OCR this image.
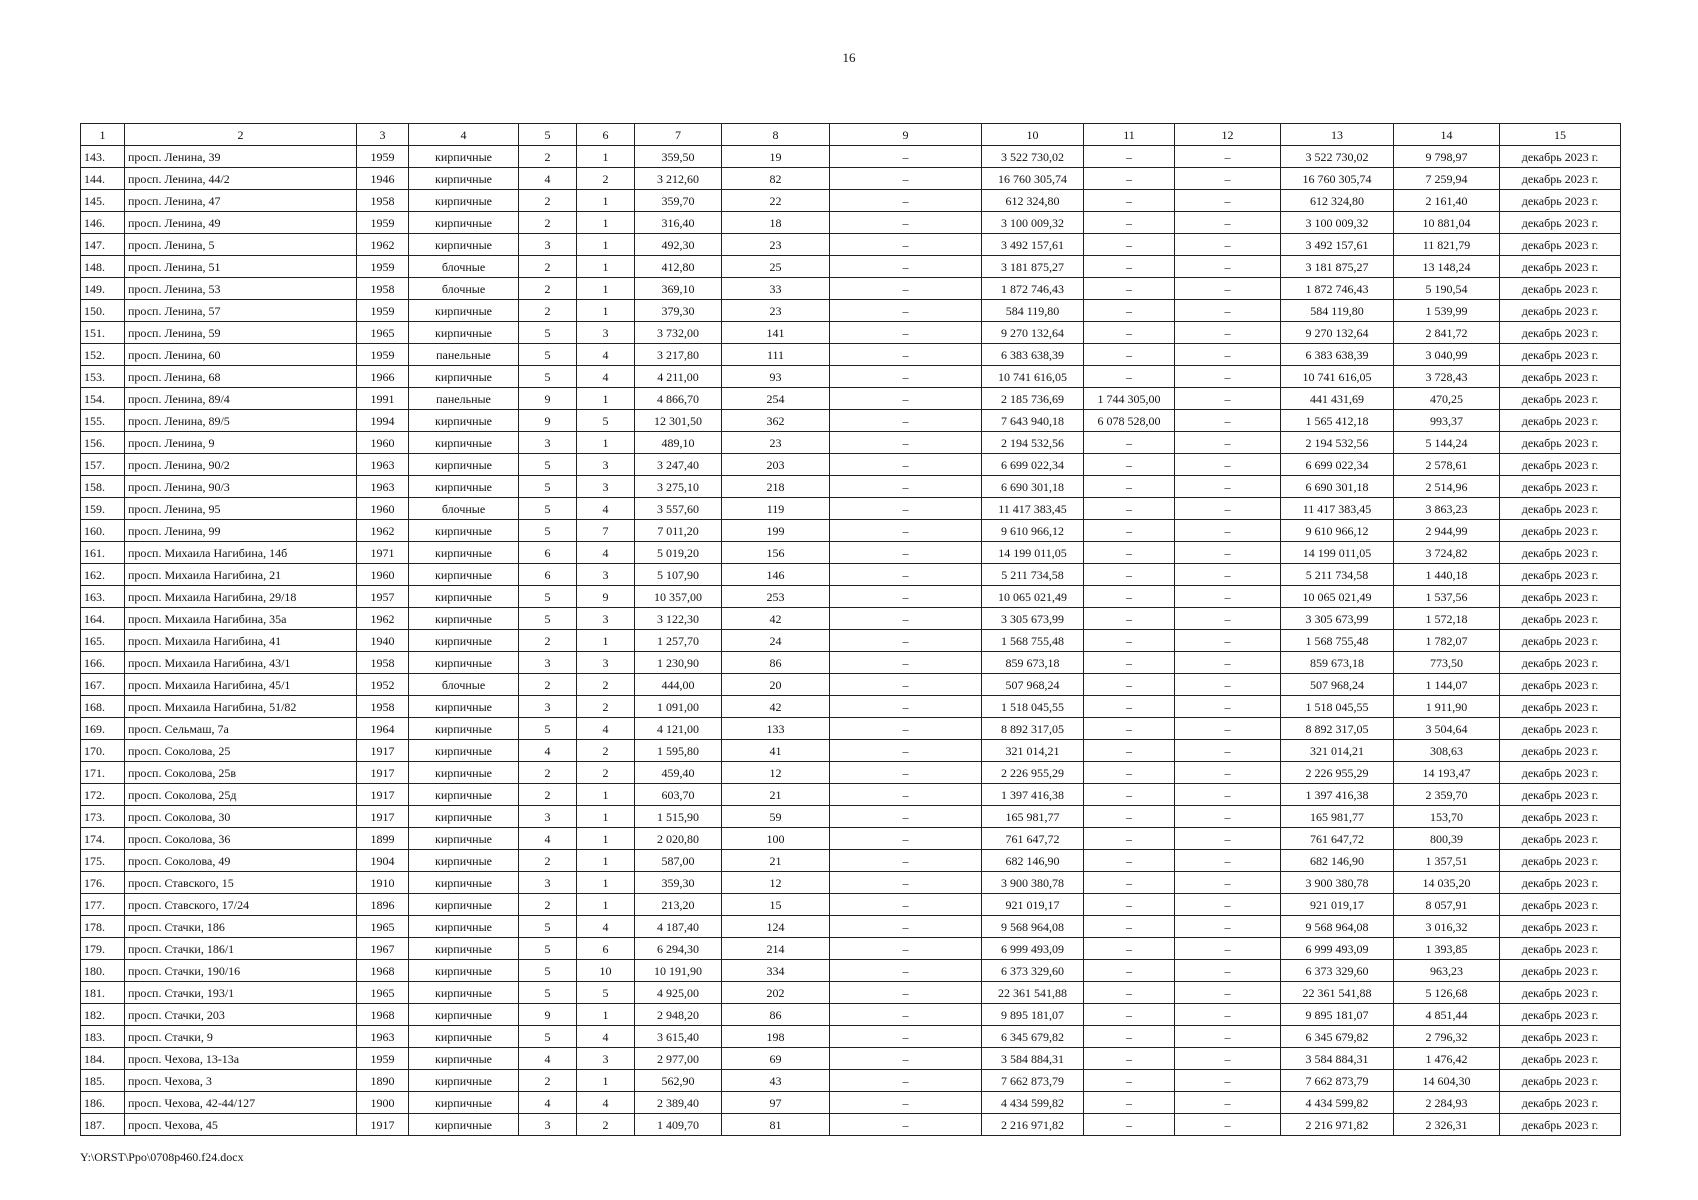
16
1	2	3	4	5	6	7	8	9	10	11	12	13	14	15
143.	просп. Ленина, 39	1959	кирпичные	2	1	359,50	19	–	3 522 730,02	–	–	3 522 730,02	9 798,97	декабрь 2023 г.
144.	просп. Ленина, 44/2	1946	кирпичные	4	2	3 212,60	82	–	16 760 305,74	–	–	16 760 305,74	7 259,94	декабрь 2023 г.
145.	просп. Ленина, 47	1958	кирпичные	2	1	359,70	22	–	612 324,80	–	–	612 324,80	2 161,40	декабрь 2023 г.
146.	просп. Ленина, 49	1959	кирпичные	2	1	316,40	18	–	3 100 009,32	–	–	3 100 009,32	10 881,04	декабрь 2023 г.
147.	просп. Ленина, 5	1962	кирпичные	3	1	492,30	23	–	3 492 157,61	–	–	3 492 157,61	11 821,79	декабрь 2023 г.
148.	просп. Ленина, 51	1959	блочные	2	1	412,80	25	–	3 181 875,27	–	–	3 181 875,27	13 148,24	декабрь 2023 г.
149.	просп. Ленина, 53	1958	блочные	2	1	369,10	33	–	1 872 746,43	–	–	1 872 746,43	5 190,54	декабрь 2023 г.
150.	просп. Ленина, 57	1959	кирпичные	2	1	379,30	23	–	584 119,80	–	–	584 119,80	1 539,99	декабрь 2023 г.
151.	просп. Ленина, 59	1965	кирпичные	5	3	3 732,00	141	–	9 270 132,64	–	–	9 270 132,64	2 841,72	декабрь 2023 г.
152.	просп. Ленина, 60	1959	панельные	5	4	3 217,80	111	–	6 383 638,39	–	–	6 383 638,39	3 040,99	декабрь 2023 г.
153.	просп. Ленина, 68	1966	кирпичные	5	4	4 211,00	93	–	10 741 616,05	–	–	10 741 616,05	3 728,43	декабрь 2023 г.
154.	просп. Ленина, 89/4	1991	панельные	9	1	4 866,70	254	–	2 185 736,69	1 744 305,00	–	441 431,69	470,25	декабрь 2023 г.
155.	просп. Ленина, 89/5	1994	кирпичные	9	5	12 301,50	362	–	7 643 940,18	6 078 528,00	–	1 565 412,18	993,37	декабрь 2023 г.
156.	просп. Ленина, 9	1960	кирпичные	3	1	489,10	23	–	2 194 532,56	–	–	2 194 532,56	5 144,24	декабрь 2023 г.
157.	просп. Ленина, 90/2	1963	кирпичные	5	3	3 247,40	203	–	6 699 022,34	–	–	6 699 022,34	2 578,61	декабрь 2023 г.
158.	просп. Ленина, 90/3	1963	кирпичные	5	3	3 275,10	218	–	6 690 301,18	–	–	6 690 301,18	2 514,96	декабрь 2023 г.
159.	просп. Ленина, 95	1960	блочные	5	4	3 557,60	119	–	11 417 383,45	–	–	11 417 383,45	3 863,23	декабрь 2023 г.
160.	просп. Ленина, 99	1962	кирпичные	5	7	7 011,20	199	–	9 610 966,12	–	–	9 610 966,12	2 944,99	декабрь 2023 г.
161.	просп. Михаила Нагибина, 14б	1971	кирпичные	6	4	5 019,20	156	–	14 199 011,05	–	–	14 199 011,05	3 724,82	декабрь 2023 г.
162.	просп. Михаила Нагибина, 21	1960	кирпичные	6	3	5 107,90	146	–	5 211 734,58	–	–	5 211 734,58	1 440,18	декабрь 2023 г.
163.	просп. Михаила Нагибина, 29/18	1957	кирпичные	5	9	10 357,00	253	–	10 065 021,49	–	–	10 065 021,49	1 537,56	декабрь 2023 г.
164.	просп. Михаила Нагибина, 35а	1962	кирпичные	5	3	3 122,30	42	–	3 305 673,99	–	–	3 305 673,99	1 572,18	декабрь 2023 г.
165.	просп. Михаила Нагибина, 41	1940	кирпичные	2	1	1 257,70	24	–	1 568 755,48	–	–	1 568 755,48	1 782,07	декабрь 2023 г.
166.	просп. Михаила Нагибина, 43/1	1958	кирпичные	3	3	1 230,90	86	–	859 673,18	–	–	859 673,18	773,50	декабрь 2023 г.
167.	просп. Михаила Нагибина, 45/1	1952	блочные	2	2	444,00	20	–	507 968,24	–	–	507 968,24	1 144,07	декабрь 2023 г.
168.	просп. Михаила Нагибина, 51/82	1958	кирпичные	3	2	1 091,00	42	–	1 518 045,55	–	–	1 518 045,55	1 911,90	декабрь 2023 г.
169.	просп. Сельмаш, 7а	1964	кирпичные	5	4	4 121,00	133	–	8 892 317,05	–	–	8 892 317,05	3 504,64	декабрь 2023 г.
170.	просп. Соколова, 25	1917	кирпичные	4	2	1 595,80	41	–	321 014,21	–	–	321 014,21	308,63	декабрь 2023 г.
171.	просп. Соколова, 25в	1917	кирпичные	2	2	459,40	12	–	2 226 955,29	–	–	2 226 955,29	14 193,47	декабрь 2023 г.
172.	просп. Соколова, 25д	1917	кирпичные	2	1	603,70	21	–	1 397 416,38	–	–	1 397 416,38	2 359,70	декабрь 2023 г.
173.	просп. Соколова, 30	1917	кирпичные	3	1	1 515,90	59	–	165 981,77	–	–	165 981,77	153,70	декабрь 2023 г.
174.	просп. Соколова, 36	1899	кирпичные	4	1	2 020,80	100	–	761 647,72	–	–	761 647,72	800,39	декабрь 2023 г.
175.	просп. Соколова, 49	1904	кирпичные	2	1	587,00	21	–	682 146,90	–	–	682 146,90	1 357,51	декабрь 2023 г.
176.	просп. Ставского, 15	1910	кирпичные	3	1	359,30	12	–	3 900 380,78	–	–	3 900 380,78	14 035,20	декабрь 2023 г.
177.	просп. Ставского, 17/24	1896	кирпичные	2	1	213,20	15	–	921 019,17	–	–	921 019,17	8 057,91	декабрь 2023 г.
178.	просп. Стачки, 186	1965	кирпичные	5	4	4 187,40	124	–	9 568 964,08	–	–	9 568 964,08	3 016,32	декабрь 2023 г.
179.	просп. Стачки, 186/1	1967	кирпичные	5	6	6 294,30	214	–	6 999 493,09	–	–	6 999 493,09	1 393,85	декабрь 2023 г.
180.	просп. Стачки, 190/16	1968	кирпичные	5	10	10 191,90	334	–	6 373 329,60	–	–	6 373 329,60	963,23	декабрь 2023 г.
181.	просп. Стачки, 193/1	1965	кирпичные	5	5	4 925,00	202	–	22 361 541,88	–	–	22 361 541,88	5 126,68	декабрь 2023 г.
182.	просп. Стачки, 203	1968	кирпичные	9	1	2 948,20	86	–	9 895 181,07	–	–	9 895 181,07	4 851,44	декабрь 2023 г.
183.	просп. Стачки, 9	1963	кирпичные	5	4	3 615,40	198	–	6 345 679,82	–	–	6 345 679,82	2 796,32	декабрь 2023 г.
184.	просп. Чехова, 13-13а	1959	кирпичные	4	3	2 977,00	69	–	3 584 884,31	–	–	3 584 884,31	1 476,42	декабрь 2023 г.
185.	просп. Чехова, 3	1890	кирпичные	2	1	562,90	43	–	7 662 873,79	–	–	7 662 873,79	14 604,30	декабрь 2023 г.
186.	просп. Чехова, 42-44/127	1900	кирпичные	4	4	2 389,40	97	–	4 434 599,82	–	–	4 434 599,82	2 284,93	декабрь 2023 г.
187.	просп. Чехова, 45	1917	кирпичные	3	2	1 409,70	81	–	2 216 971,82	–	–	2 216 971,82	2 326,31	декабрь 2023 г.
Y:\ORST\Ppo\0708p460.f24.docx
